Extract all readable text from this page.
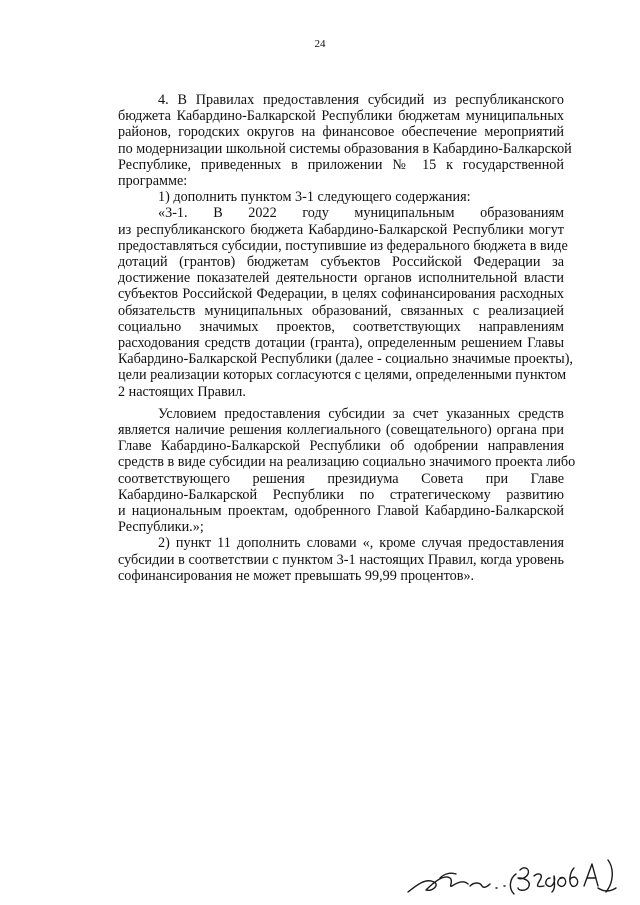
24
4. В Правилах предоставления субсидий из республиканского
бюджета Кабардино-Балкарской Республики бюджетам муниципальных
районов, городских округов на финансовое обеспечение мероприятий
по модернизации школьной системы образования в Кабардино-Балкарской
Республике, приведенных в приложении № 15 к государственной
программе:
1) дополнить пунктом 3-1 следующего содержания:
«3-1. В 2022 году муниципальным образованиям
из республиканского бюджета Кабардино-Балкарской Республики могут
предоставляться субсидии, поступившие из федерального бюджета в виде
дотаций (грантов) бюджетам субъектов Российской Федерации за
достижение показателей деятельности органов исполнительной власти
субъектов Российской Федерации, в целях софинансирования расходных
обязательств муниципальных образований, связанных с реализацией
социально значимых проектов, соответствующих направлениям
расходования средств дотации (гранта), определенным решением Главы
Кабардино-Балкарской Республики (далее - социально значимые проекты),
цели реализации которых согласуются с целями, определенными пунктом
2 настоящих Правил.
Условием предоставления субсидии за счет указанных средств
является наличие решения коллегиального (совещательного) органа при
Главе Кабардино-Балкарской Республики об одобрении направления
средств в виде субсидии на реализацию социально значимого проекта либо
соответствующего решения президиума Совета при Главе
Кабардино-Балкарской Республики по стратегическому развитию
и национальным проектам, одобренного Главой Кабардино-Балкарской
Республики.»;
2) пункт 11 дополнить словами «, кроме случая предоставления
субсидии в соответствии с пунктом 3-1 настоящих Правил, когда уровень
софинансирования не может превышать 99,99 процентов».
